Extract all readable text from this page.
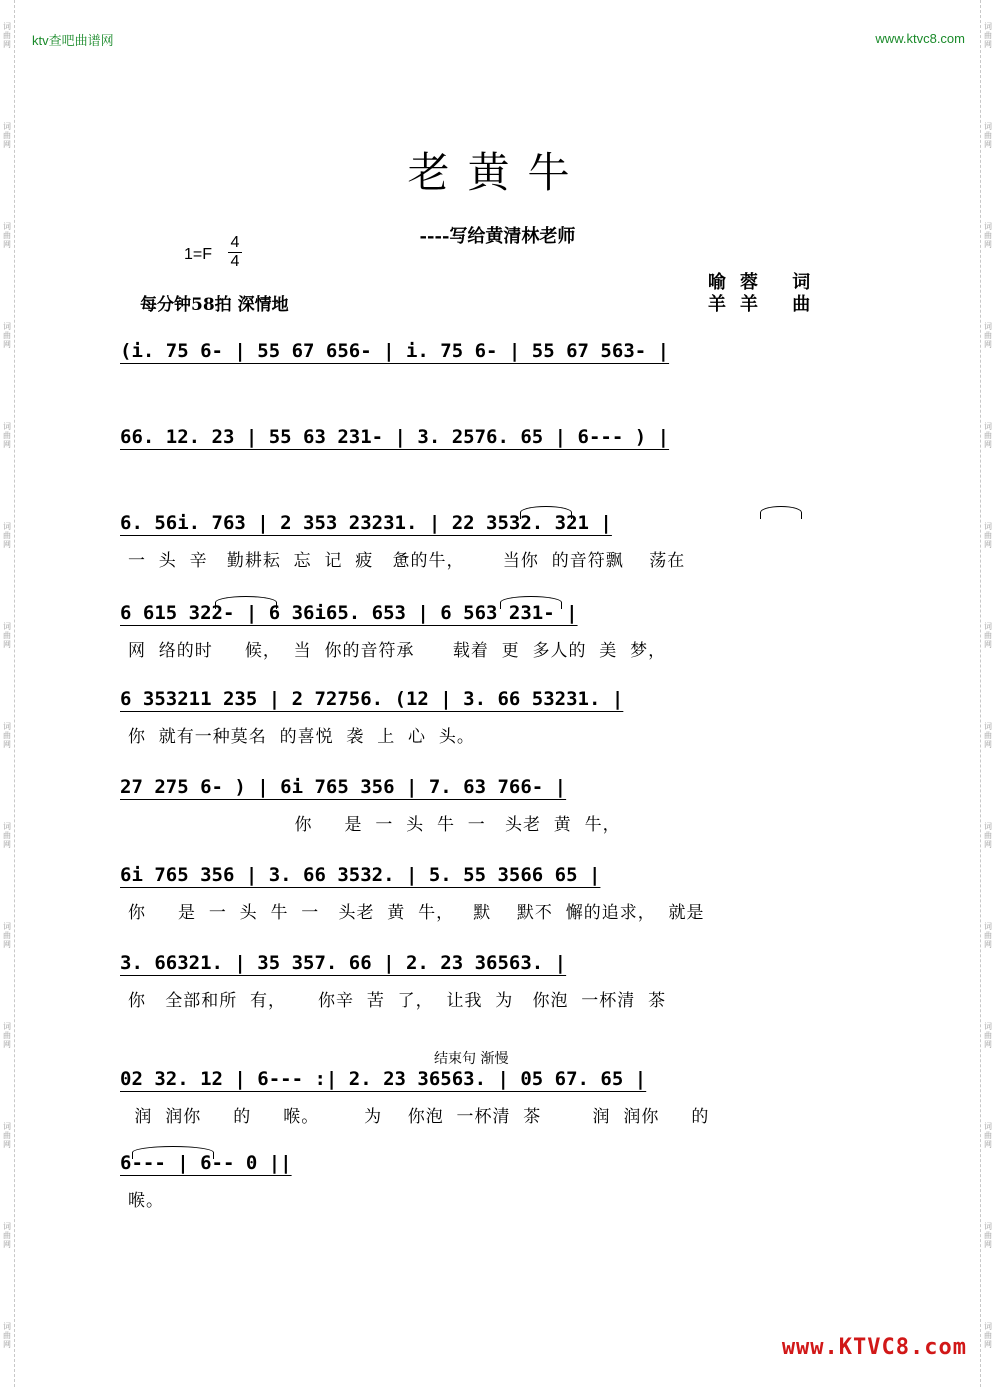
词曲网
词曲网
词曲网
词曲网
词曲网
词曲网
词曲网
词曲网
词曲网
词曲网
词曲网
词曲网
词曲网
词曲网
词曲网
词曲网
词曲网
词曲网
词曲网
词曲网
词曲网
词曲网
词曲网
词曲网
词曲网
词曲网
词曲网
词曲网
ktv查吧曲谱网	www.ktvc8.com
老黄牛
----写给黄清林老师
1=F
4
4
每分钟58拍 深情地
喻蓉 词
羊羊 曲
(i. 75 6- | 55 67 656- | i. 75 6- | 55 67 563- |
66. 12. 23 | 55 63 231- | 3. 2576. 65 | 6--- ) |
6. 56i. 763 | 2 353 23231. | 22 3532. 321 |
一  头  辛   勤耕耘  忘  记  疲   惫的牛，      当你  的音符飘    荡在
6 615 322- | 6 36i65. 653 | 6 563 231- |
网  络的时     候，  当  你的音符承      载着  更  多人的  美  梦，
6 353211 235 | 2 72756. (12 | 3. 66 53231. |
你  就有一种莫名  的喜悦  袭  上  心  头。
27 275 6- ) | 6i 765 356 | 7. 63 766- |
你     是  一  头  牛  一   头老  黄  牛，
6i 765 356 | 3. 66 3532. | 5. 55 3566 65 |
你     是  一  头  牛  一   头老  黄  牛，   默    默不  懈的追求，  就是
3. 66321. | 35 357. 66 | 2. 23 36563. |
你   全部和所  有，     你辛  苦  了，  让我  为   你泡  一杯清  茶
结束句 渐慢
02 32. 12 | 6--- :| 2. 23 36563. | 05 67. 65 |
润  润你     的     喉。       为    你泡  一杯清  茶        润  润你     的
6--- | 6-- 0 ||
喉。
www.KTVC8.com
